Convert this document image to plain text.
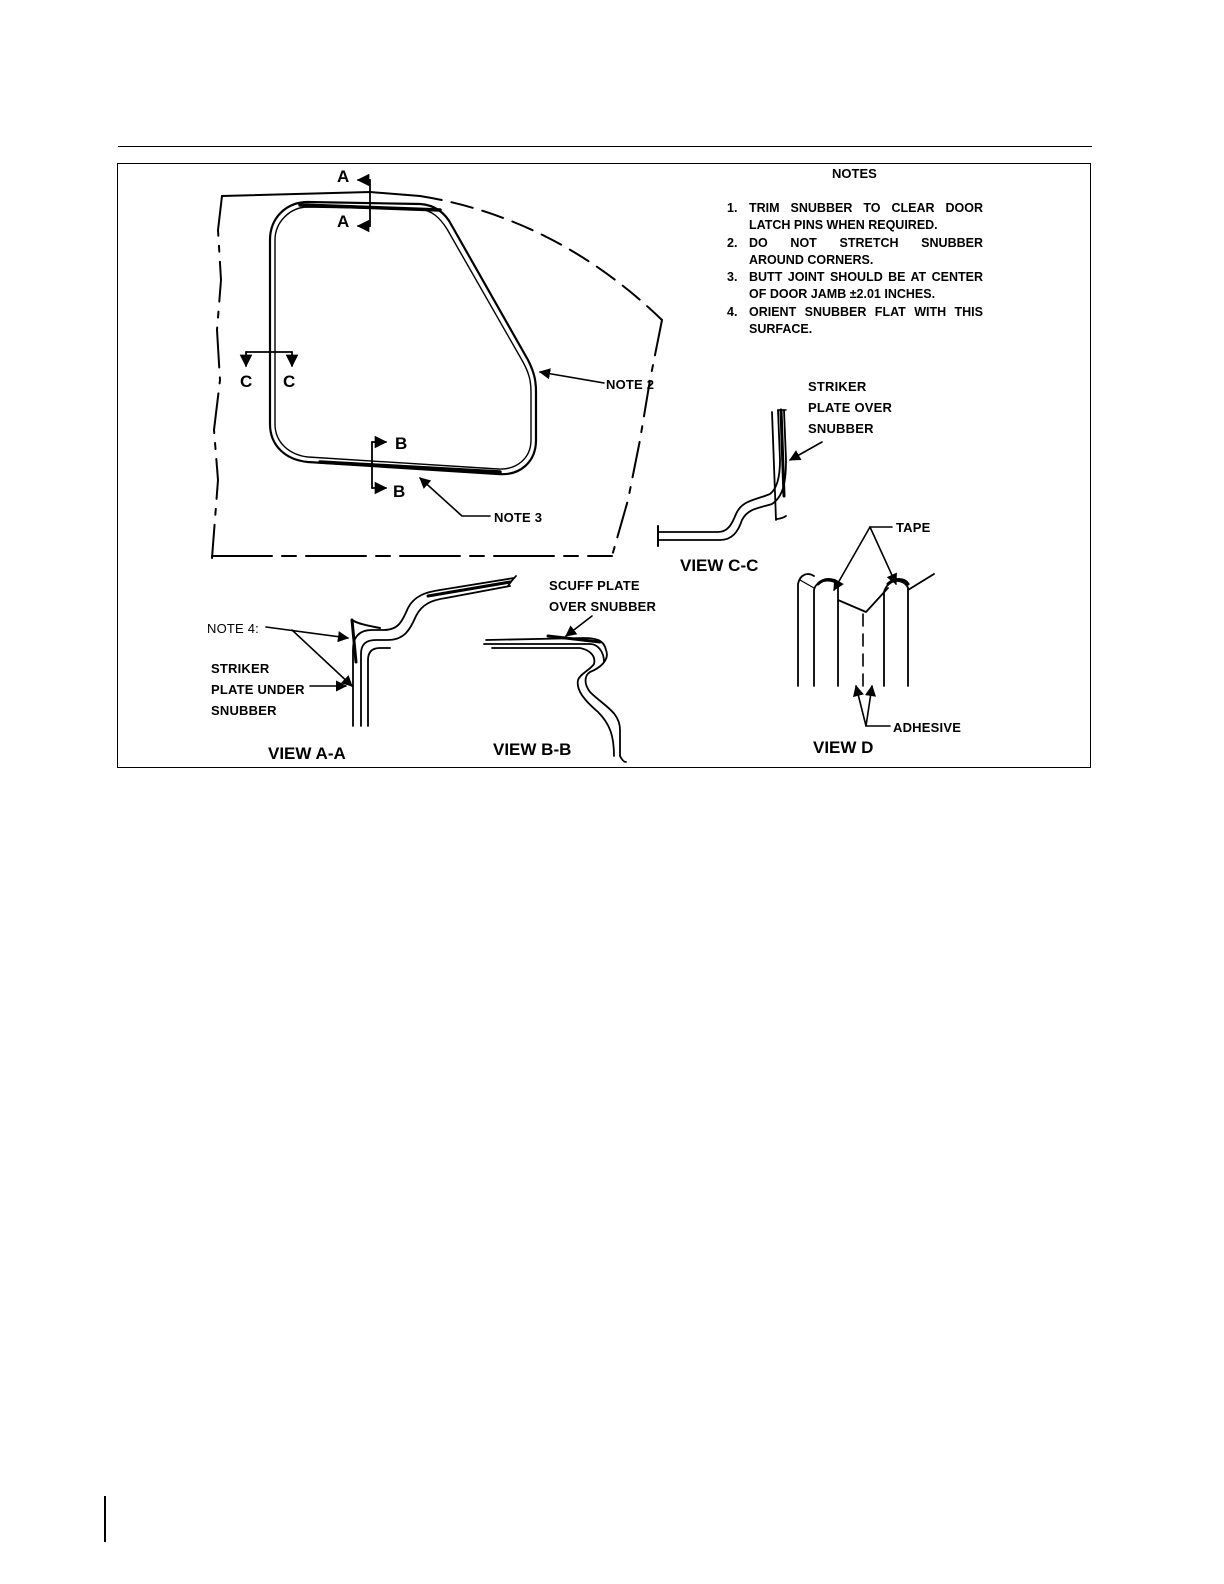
A
A
B
B
C C	NOTE 2
NOTE 3
NOTE 4:
STRIKER
PLATE UNDER
SNUBBER
STRIKER
PLATE OVER
SNUBBER
SCUFF PLATE
OVER SNUBBER
TAPE
ADHESIVE
VIEW A-A	VIEW B-B
VIEW C-C
VIEW D
NOTES
1. TRIM SNUBBER TO CLEAR DOOR LATCH PINS WHEN REQUIRED.
2. DO NOT STRETCH SNUBBER AROUND CORNERS.
3. BUTT JOINT SHOULD BE AT CENTER OF DOOR JAMB ±2.01 INCHES.
4. ORIENT SNUBBER FLAT WITH THIS SURFACE.
